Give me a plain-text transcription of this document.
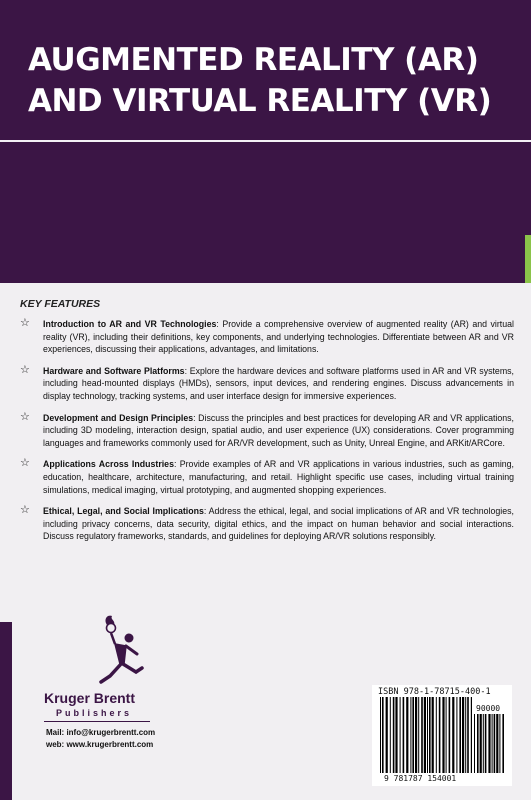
AUGMENTED REALITY (AR)
AND VIRTUAL REALITY (VR)
KEY FEATURES
☆ Introduction to AR and VR Technologies: Provide a comprehensive overview of augmented reality (AR) and virtual reality (VR), including their definitions, key components, and underlying technologies. Differentiate between AR and VR experiences, discussing their applications, advantages, and limitations.
☆ Hardware and Software Platforms: Explore the hardware devices and software platforms used in AR and VR systems, including head-mounted displays (HMDs), sensors, input devices, and rendering engines. Discuss advancements in display technology, tracking systems, and user interface design for immersive experiences.
☆ Development and Design Principles: Discuss the principles and best practices for developing AR and VR applications, including 3D modeling, interaction design, spatial audio, and user experience (UX) considerations. Cover programming languages and frameworks commonly used for AR/VR development, such as Unity, Unreal Engine, and ARKit/ARCore.
☆ Applications Across Industries: Provide examples of AR and VR applications in various industries, such as gaming, education, healthcare, architecture, manufacturing, and retail. Highlight specific use cases, including virtual training simulations, medical imaging, virtual prototyping, and augmented shopping experiences.
☆ Ethical, Legal, and Social Implications: Address the ethical, legal, and social implications of AR and VR technologies, including privacy concerns, data security, digital ethics, and the impact on human behavior and social interactions. Discuss regulatory frameworks, standards, and guidelines for deploying AR/VR solutions responsibly.
Kruger Brentt
Publishers
Mail: info@krugerbrentt.com
web: www.krugerbrentt.com
ISBN 978-1-78715-400-1
90000
9 781787 154001
